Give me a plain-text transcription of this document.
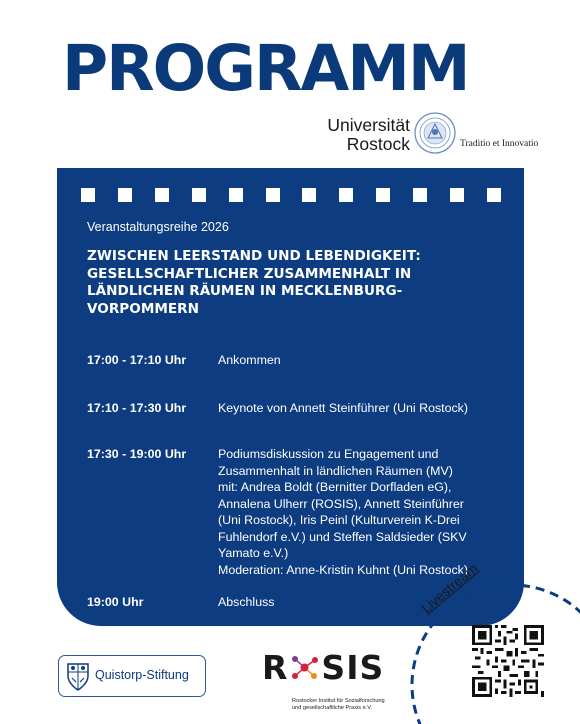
PROGRAMM
Universität
Rostock	Traditio et Innovatio
Veranstaltungsreihe 2026
ZWISCHEN LEERSTAND UND LEBENDIGKEIT:
GESELLSCHAFTLICHER ZUSAMMENHALT IN
LÄNDLICHEN RÄUMEN IN MECKLENBURG-
VORPOMMERN
17:00 - 17:10 Uhr	Ankommen
17:10 - 17:30 Uhr	Keynote von Annett Steinführer (Uni Rostock)
17:30 - 19:00 Uhr	Podiumsdiskussion zu Engagement und
Zusammenhalt in ländlichen Räumen (MV)
mit: Andrea Boldt (Bernitter Dorfladen eG),
Annalena Ulherr (ROSIS), Annett Steinführer
(Uni Rostock), Iris Peinl (Kulturverein K-Drei
Fuhlendorf e.V.) und Steffen Saldsieder (SKV
Yamato e.V.)
Moderation: Anne-Kristin Kuhnt (Uni Rostock)
19:00 Uhr	Abschluss
Quistorp-Stiftung R SIS
Rostocker Institut für Sozialforschung
und gesellschaftliche Praxis e.V.
Livestream
